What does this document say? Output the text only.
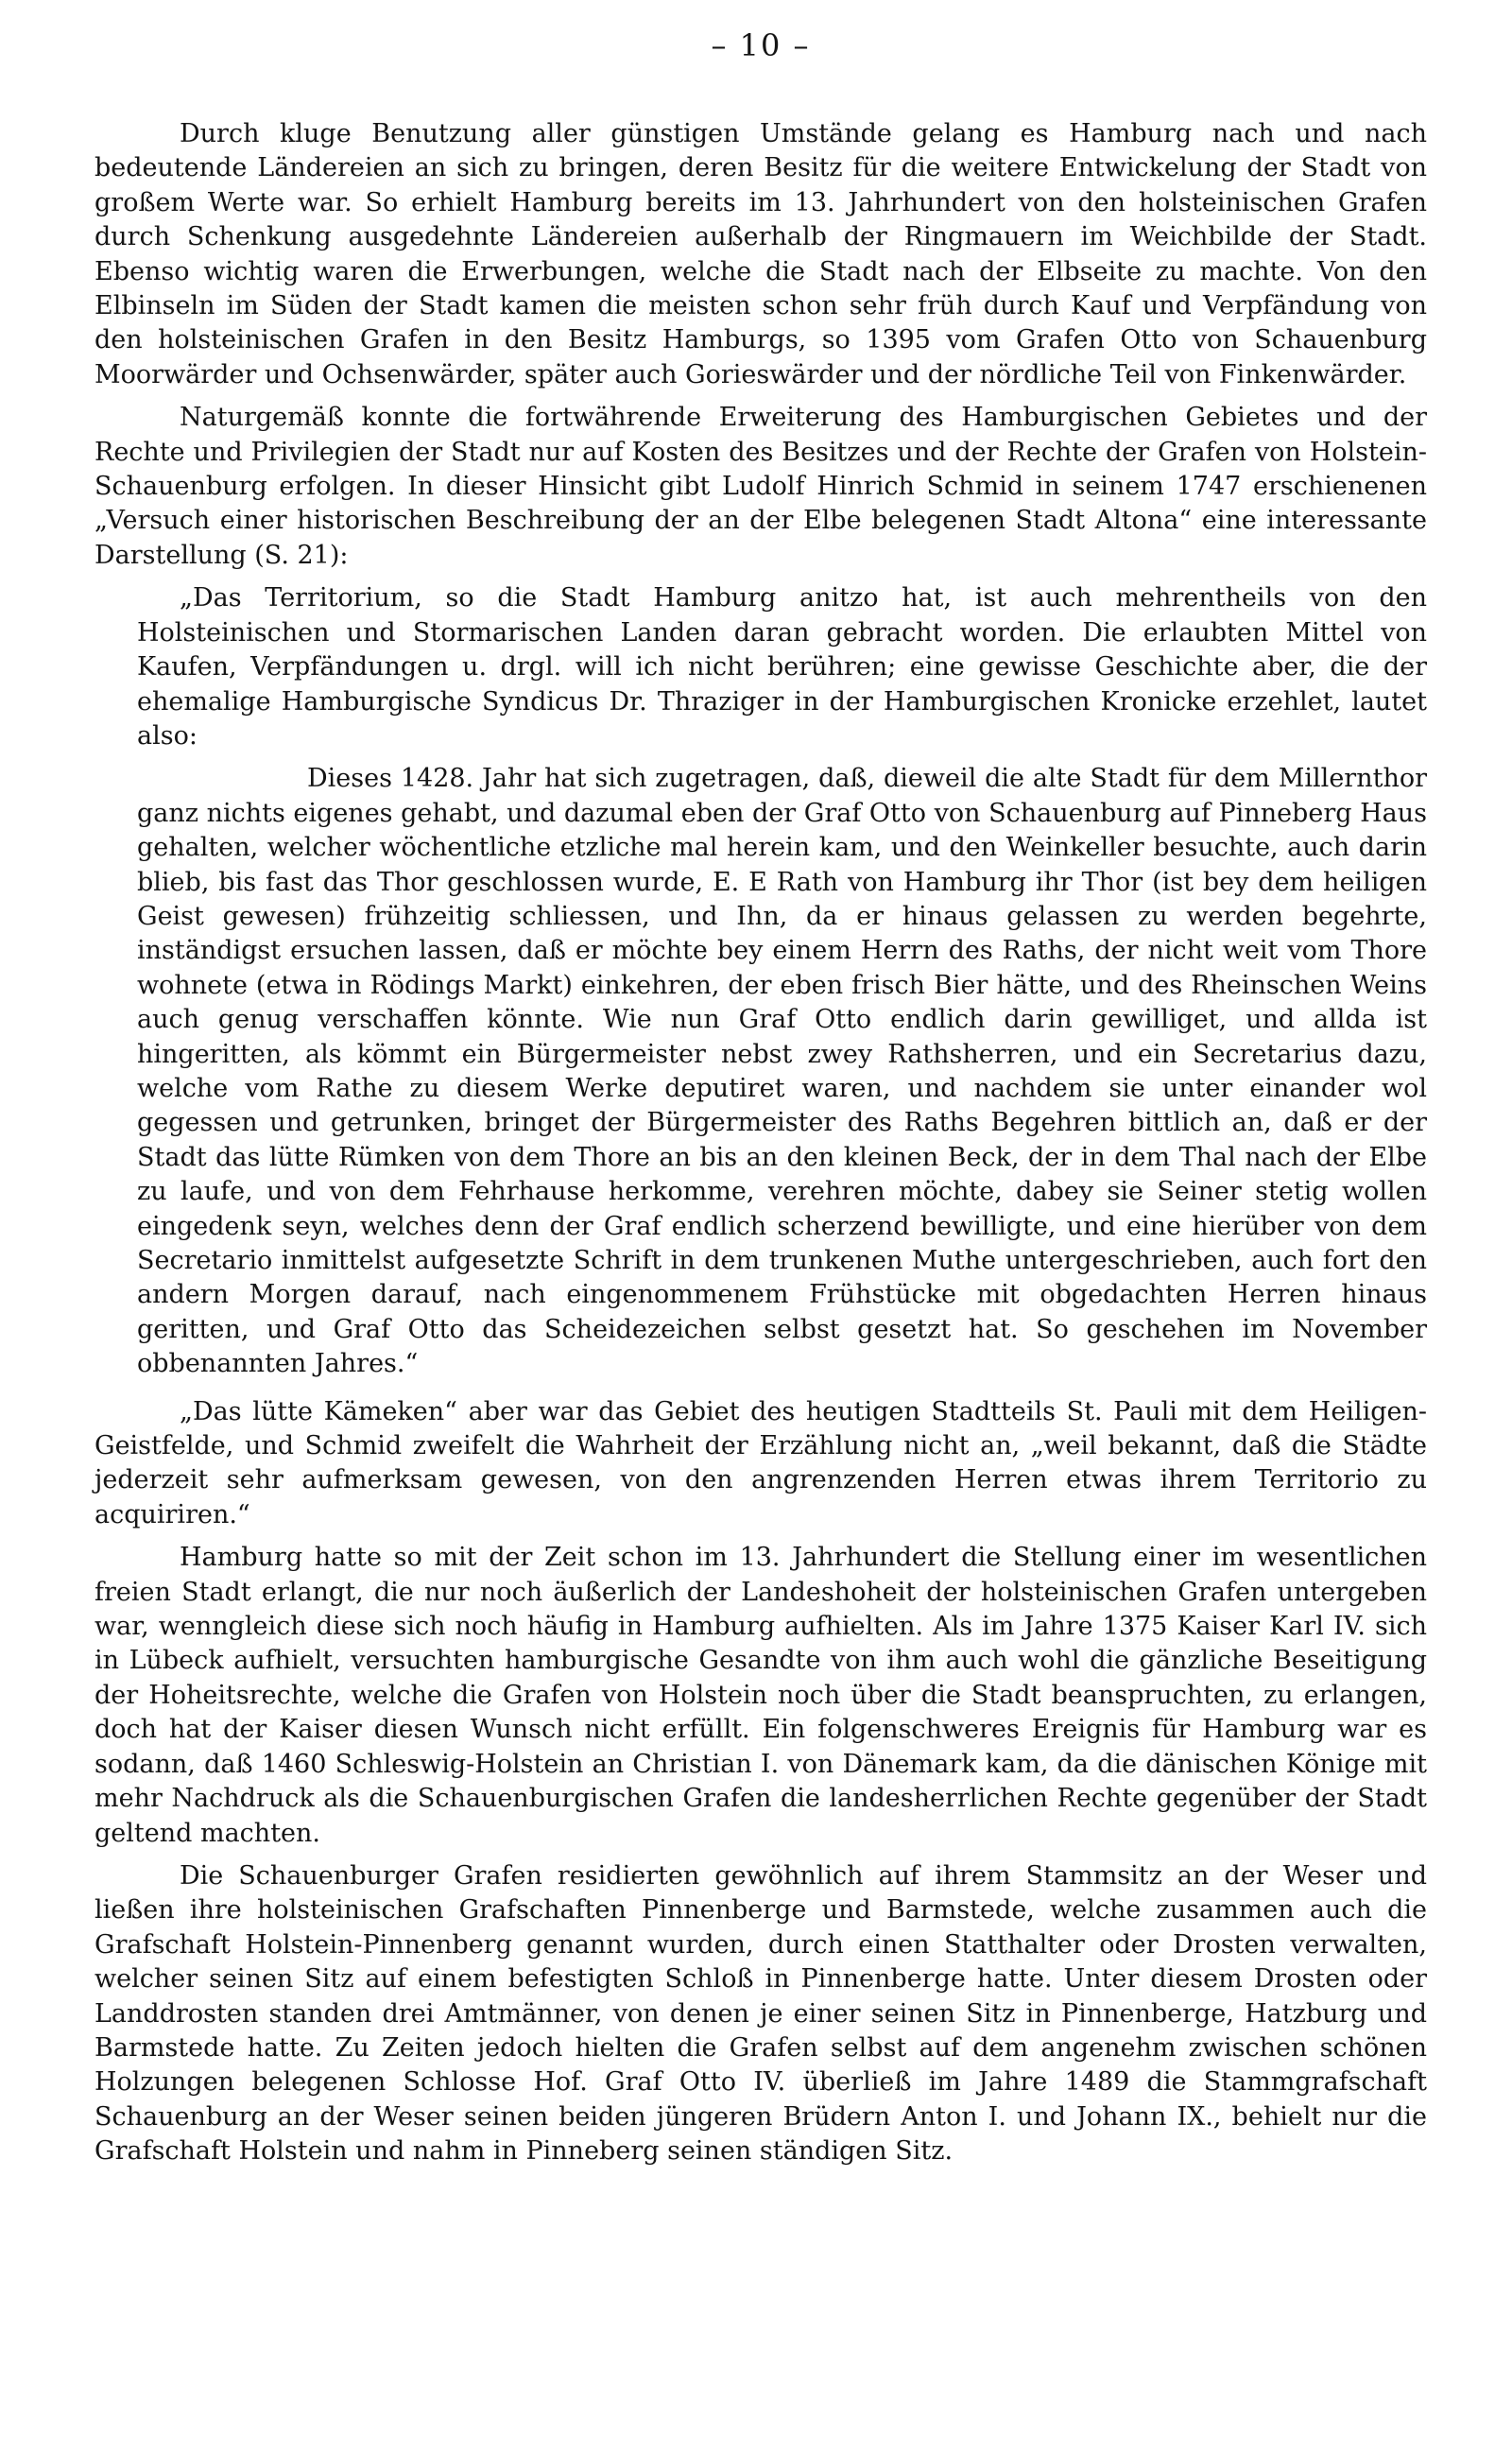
– 10 –

Durch kluge Benutzung aller günstigen Umstände gelang es Hamburg nach und nach bedeutende Ländereien an sich zu bringen, deren Besitz für die weitere Entwickelung der Stadt von großem Werte war. So erhielt Hamburg bereits im 13. Jahrhundert von den holsteinischen Grafen durch Schenkung ausgedehnte Ländereien außerhalb der Ringmauern im Weichbilde der Stadt. Ebenso wichtig waren die Erwerbungen, welche die Stadt nach der Elbseite zu machte. Von den Elbinseln im Süden der Stadt kamen die meisten schon sehr früh durch Kauf und Verpfändung von den holsteinischen Grafen in den Besitz Hamburgs, so 1395 vom Grafen Otto von Schauenburg Moorwärder und Ochsenwärder, später auch Gorieswärder und der nördliche Teil von Finkenwärder.

Naturgemäß konnte die fortwährende Erweiterung des Hamburgischen Gebietes und der Rechte und Privilegien der Stadt nur auf Kosten des Besitzes und der Rechte der Grafen von Holstein-Schauenburg erfolgen. In dieser Hinsicht gibt Ludolf Hinrich Schmid in seinem 1747 erschienenen „Versuch einer historischen Beschreibung der an der Elbe belegenen Stadt Altona“ eine interessante Darstellung (S. 21):

„Das Territorium, so die Stadt Hamburg anitzo hat, ist auch mehrentheils von den Holsteinischen und Stormarischen Landen daran gebracht worden. Die erlaubten Mittel von Kaufen, Verpfändungen u. drgl. will ich nicht berühren; eine gewisse Geschichte aber, die der ehemalige Hamburgische Syndicus Dr. Thraziger in der Hamburgischen Kronicke erzehlet, lautet also:

Dieses 1428. Jahr hat sich zugetragen, daß, dieweil die alte Stadt für dem Millernthor ganz nichts eigenes gehabt, und dazumal eben der Graf Otto von Schauenburg auf Pinneberg Haus gehalten, welcher wöchentliche etzliche mal herein kam, und den Weinkeller besuchte, auch darin blieb, bis fast das Thor geschlossen wurde, E. E Rath von Hamburg ihr Thor (ist bey dem heiligen Geist gewesen) frühzeitig schliessen, und Ihn, da er hinaus gelassen zu werden begehrte, inständigst ersuchen lassen, daß er möchte bey einem Herrn des Raths, der nicht weit vom Thore wohnete (etwa in Rödings Markt) einkehren, der eben frisch Bier hätte, und des Rheinschen Weins auch genug verschaffen könnte. Wie nun Graf Otto endlich darin gewilliget, und allda ist hingeritten, als kömmt ein Bürgermeister nebst zwey Rathsherren, und ein Secretarius dazu, welche vom Rathe zu diesem Werke deputiret waren, und nachdem sie unter einander wol gegessen und getrunken, bringet der Bürgermeister des Raths Begehren bittlich an, daß er der Stadt das lütte Rümken von dem Thore an bis an den kleinen Beck, der in dem Thal nach der Elbe zu laufe, und von dem Fehrhause herkomme, verehren möchte, dabey sie Seiner stetig wollen eingedenk seyn, welches denn der Graf endlich scherzend bewilligte, und eine hierüber von dem Secretario inmittelst aufgesetzte Schrift in dem trunkenen Muthe untergeschrieben, auch fort den andern Morgen darauf, nach eingenommenem Frühstücke mit obgedachten Herren hinaus geritten, und Graf Otto das Scheidezeichen selbst gesetzt hat. So geschehen im November obbenannten Jahres.“

„Das lütte Kämeken“ aber war das Gebiet des heutigen Stadtteils St. Pauli mit dem Heiligen-Geistfelde, und Schmid zweifelt die Wahrheit der Erzählung nicht an, „weil bekannt, daß die Städte jederzeit sehr aufmerksam gewesen, von den angrenzenden Herren etwas ihrem Territorio zu acquiriren.“

Hamburg hatte so mit der Zeit schon im 13. Jahrhundert die Stellung einer im wesentlichen freien Stadt erlangt, die nur noch äußerlich der Landeshoheit der holsteinischen Grafen untergeben war, wenngleich diese sich noch häufig in Hamburg aufhielten. Als im Jahre 1375 Kaiser Karl IV. sich in Lübeck aufhielt, versuchten hamburgische Gesandte von ihm auch wohl die gänzliche Beseitigung der Hoheitsrechte, welche die Grafen von Holstein noch über die Stadt beanspruchten, zu erlangen, doch hat der Kaiser diesen Wunsch nicht erfüllt. Ein folgenschweres Ereignis für Hamburg war es sodann, daß 1460 Schleswig-Holstein an Christian I. von Dänemark kam, da die dänischen Könige mit mehr Nachdruck als die Schauenburgischen Grafen die landesherrlichen Rechte gegenüber der Stadt geltend machten.

Die Schauenburger Grafen residierten gewöhnlich auf ihrem Stammsitz an der Weser und ließen ihre holsteinischen Grafschaften Pinnenberge und Barmstede, welche zusammen auch die Grafschaft Holstein-Pinnenberg genannt wurden, durch einen Statthalter oder Drosten verwalten, welcher seinen Sitz auf einem befestigten Schloß in Pinnenberge hatte. Unter diesem Drosten oder Landdrosten standen drei Amtmänner, von denen je einer seinen Sitz in Pinnenberge, Hatzburg und Barmstede hatte. Zu Zeiten jedoch hielten die Grafen selbst auf dem angenehm zwischen schönen Holzungen belegenen Schlosse Hof. Graf Otto IV. überließ im Jahre 1489 die Stammgrafschaft Schauenburg an der Weser seinen beiden jüngeren Brüdern Anton I. und Johann IX., behielt nur die Grafschaft Holstein und nahm in Pinneberg seinen ständigen Sitz.
